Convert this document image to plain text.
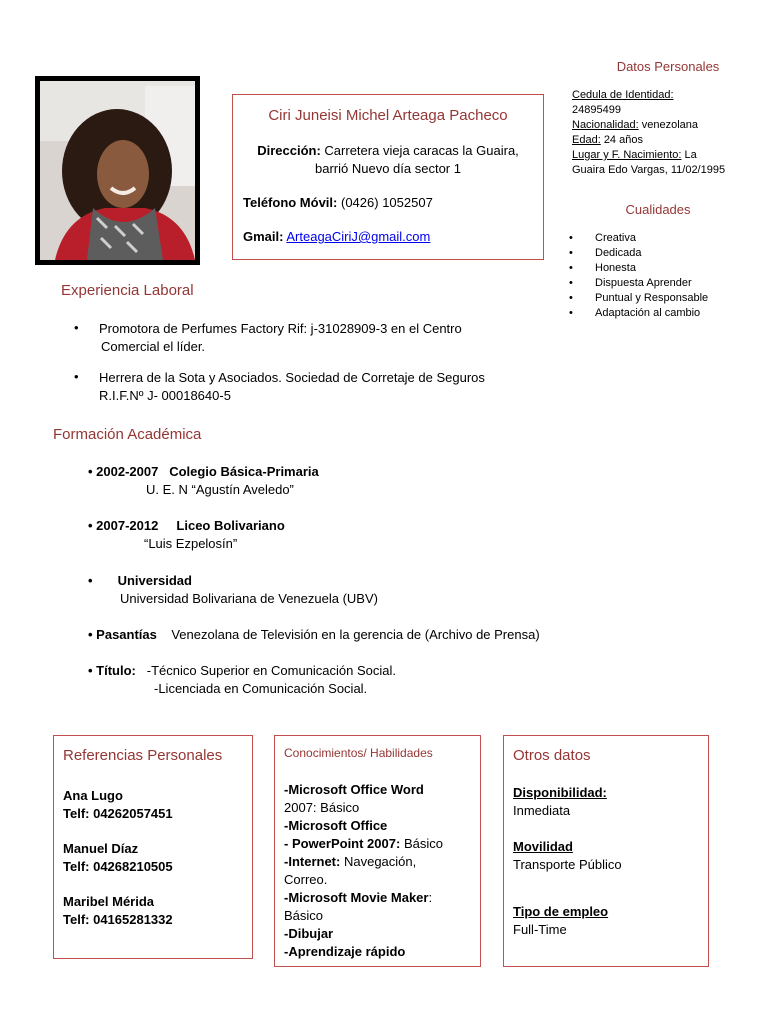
Ciri Juneisi Michel Arteaga Pacheco
Dirección: Carretera vieja caracas la Guaira,
barrió Nuevo día sector 1
Teléfono Móvil: (0426) 1052507
Gmail: ArteagaCiriJ@gmail.com
Datos Personales
Cedula de Identidad:
24895499
Nacionalidad: venezolana
Edad: 24 años
Lugar y F. Nacimiento: La
Guaira Edo Vargas, 11/02/1995
Cualidades
• Creativa
• Dedicada
• Honesta
• Dispuesta Aprender
• Puntual y Responsable
• Adaptación al cambio
Experiencia Laboral
• Promotora de Perfumes Factory Rif: j-31028909-3 en el Centro
Comercial el líder.
• Herrera de la Sota y Asociados. Sociedad de Corretaje de Seguros
R.I.F.Nº J- 00018640-5
Formación Académica
• 2002-2007 Colegio Básica-Primaria
U. E. N “Agustín Aveledo”
• 2007-2012 Liceo Bolivariano
“Luis Ezpelosín”
• Universidad
Universidad Bolivariana de Venezuela (UBV)
• Pasantías Venezolana de Televisión en la gerencia de (Archivo de Prensa)
• Título: -Técnico Superior en Comunicación Social.
-Licenciada en Comunicación Social.
Referencias Personales
Ana Lugo
Telf: 04262057451
Manuel Díaz
Telf: 04268210505
Maribel Mérida
Telf: 04165281332
Conocimientos/ Habilidades
-Microsoft Office Word
2007: Básico
-Microsoft Office
- PowerPoint 2007: Básico
-Internet: Navegación,
Correo.
-Microsoft Movie Maker:
Básico
-Dibujar
-Aprendizaje rápido
Otros datos
Disponibilidad:
Inmediata
Movilidad
Transporte Público
Tipo de empleo
Full-Time
